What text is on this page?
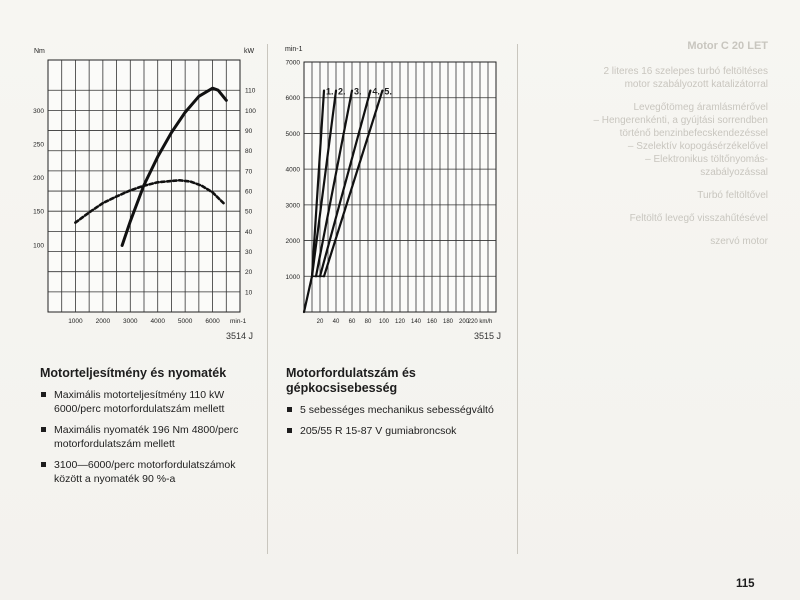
Motor C 20 LET
2 literes 16 szelepes turbó feltöltéses
motor szabályozott katalizátorral
Levegőtömeg áramlásmérővel
– Hengerenkénti, a gyújtási sorrendben
történő benzinbefecskendezéssel
– Szelektív kopogásérzékelővel
– Elektronikus töltőnyomás-
szabályozással
Turbó feltöltővel
Feltöltő levegő visszahűtésével
szervó motor
1000 2000 3000 4000 5000 6000
100
150
200
250
300
10
20
30
40
50
60
70
80
90
100
110
Nm	kW
min-1
3514 J
20 40 60 80 100 120 140 160 180 200
220 km/h
1000
2000
3000
4000
5000
6000
7000
1. 2. 3. 4. 5.
min-1
3515 J
Motorteljesítmény és nyomaték
Maximális motorteljesítmény 110 kW 6000/perc motorfordulatszám mellett
Maximális nyomaték 196 Nm 4800/perc motorfordulatszám mellett
3100—6000/perc motorfordulatszámok között a nyomaték 90 %-a
Motorfordulatszám és
gépkocsisebesség
5 sebességes mechanikus sebességváltó
205/55 R 15-87 V gumiabroncsok
115
